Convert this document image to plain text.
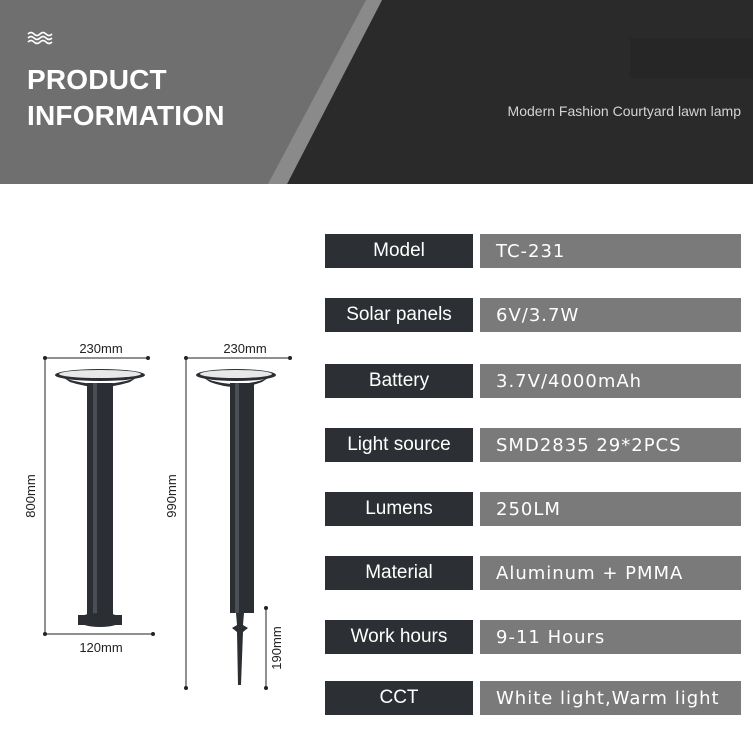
PRODUCT
INFORMATION	Modern Fashion Courtyard lawn lamp
230mm
800mm
120mm
230mm
990mm
190mm
Model	TC-231
Solar panels	6V/3.7W
Battery	3.7V/4000mAh
Light source	SMD2835 29*2PCS
Lumens	250LM
Material	Aluminum + PMMA
Work hours	9-11 Hours
CCT	White light,Warm light
